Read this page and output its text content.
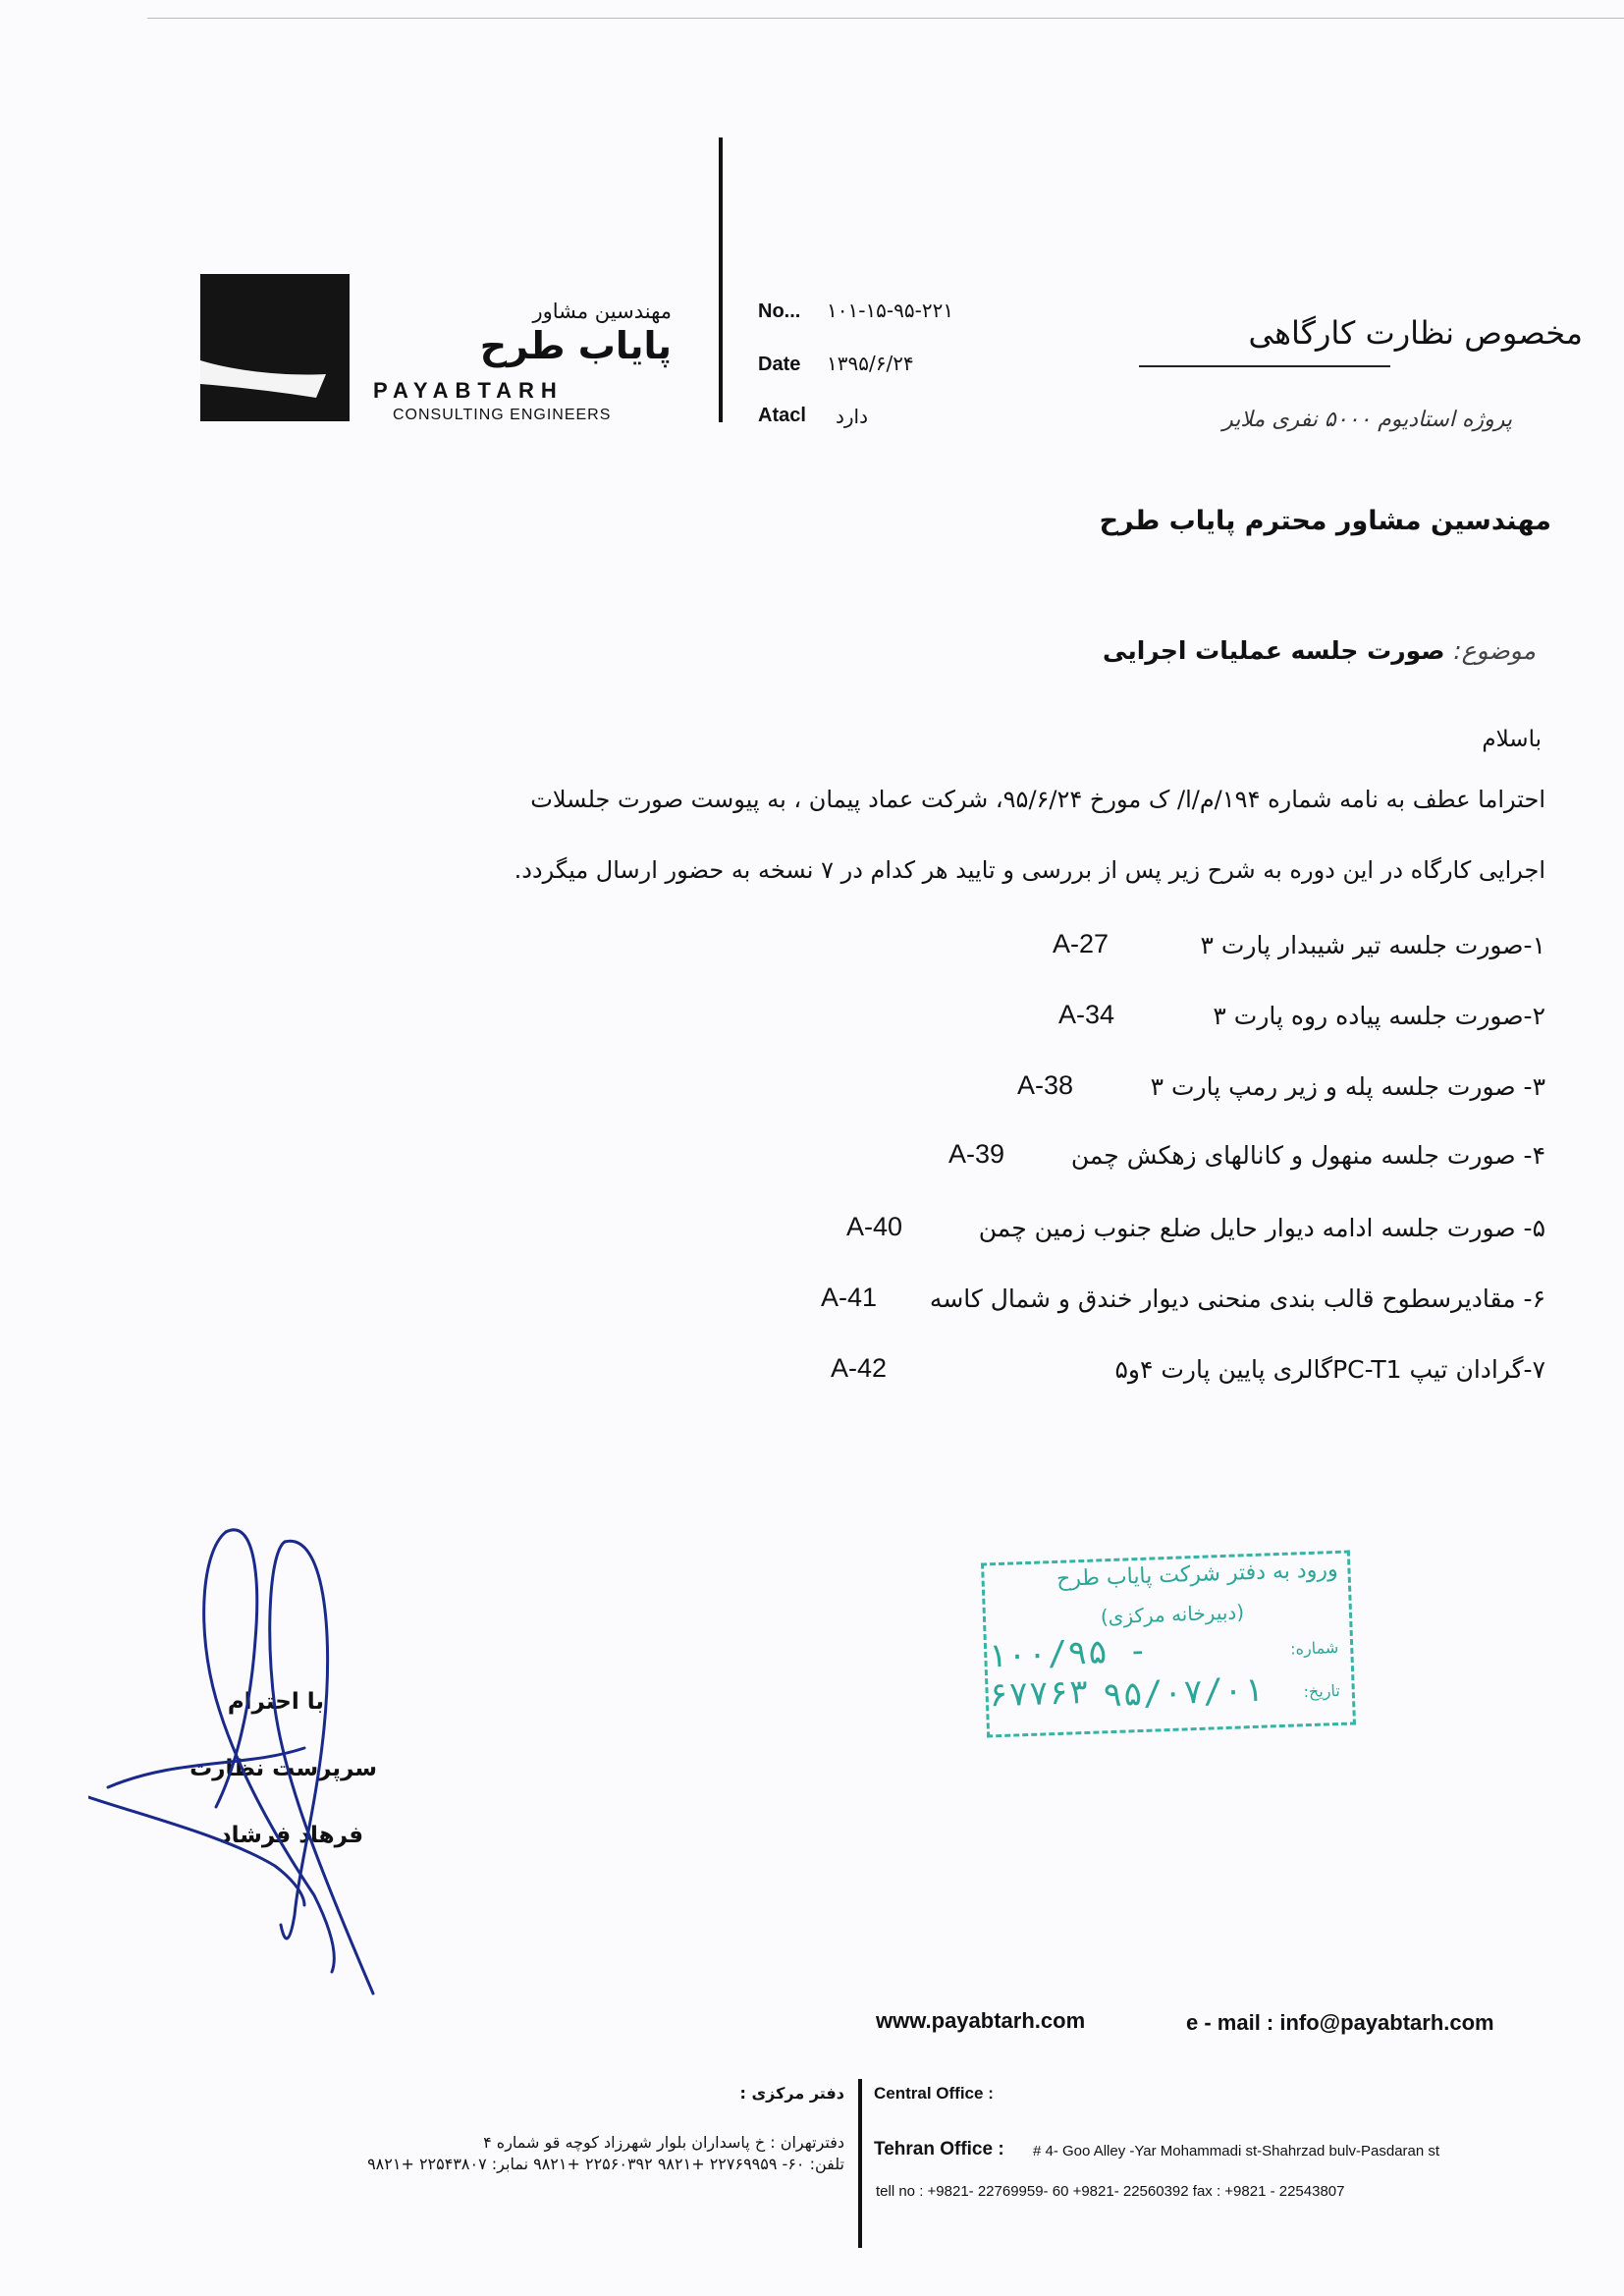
مهندسین مشاور
پایاب طرح
PAYABTARH
CONSULTING ENGINEERS
No... ۱۰۱-۱۵-۹۵-۲۲۱
Date ۱۳۹۵/۶/۲۴
Atacl	دارد
مخصوص نظارت کارگاهی
پروژه استادیوم ۵۰۰۰ نفری ملایر
مهندسین مشاور محترم پایاب طرح
موضوع: صورت جلسه عملیات اجرایی
باسلام
احتراما عطف به نامه شماره ۱۹۴/م/ا/ ک مورخ ۹۵/۶/۲۴، شرکت عماد پیمان ، به پیوست صورت جلسلات
اجرایی کارگاه در این دوره به شرح زیر پس از بررسی و تایید هر کدام در ۷ نسخه به حضور ارسال میگردد.
۱-صورت جلسه تیر شیبدار پارت ۳
A-27
۲-صورت جلسه پیاده روه پارت ۳
A-34
۳- صورت جلسه پله و زیر رمپ پارت ۳
A-38
۴- صورت جلسه منهول و کانالهای زهکش چمن
A-39
۵- صورت جلسه ادامه دیوار حایل ضلع جنوب زمین چمن
A-40
۶- مقادیرسطوح قالب بندی منحنی دیوار خندق و شمال کاسه
A-41
۷-گرادان تیپ PC-T1گالری پایین پارت ۴و۵
A-42
ورود به دفتر شرکت پایاب طرح
(دبیرخانه مرکزی)
شماره:
۱۰۰/۹۵ - ۶۷۷۶۳	تاریخ:
۹۵/۰۷/۰۱
با احترام
سرپرست نظارت
فرهاد فرشاد
www.payabtarh.com	e - mail : info@payabtarh.com
Central Office :
Tehran Office : # 4- Goo Alley -Yar Mohammadi st-Shahrzad bulv-Pasdaran st
tell no : +9821- 22769959- 60 +9821- 22560392 fax : +9821 - 22543807
دفتر مرکزی :
دفترتهران : خ پاسداران بلوار شهرزاد کوچه قو شماره ۴
تلفن: ۶۰- ۲۲۷۶۹۹۵۹ +۹۸۲۱ ۲۲۵۶۰۳۹۲ +۹۸۲۱ نمابر: ۲۲۵۴۳۸۰۷ +۹۸۲۱
